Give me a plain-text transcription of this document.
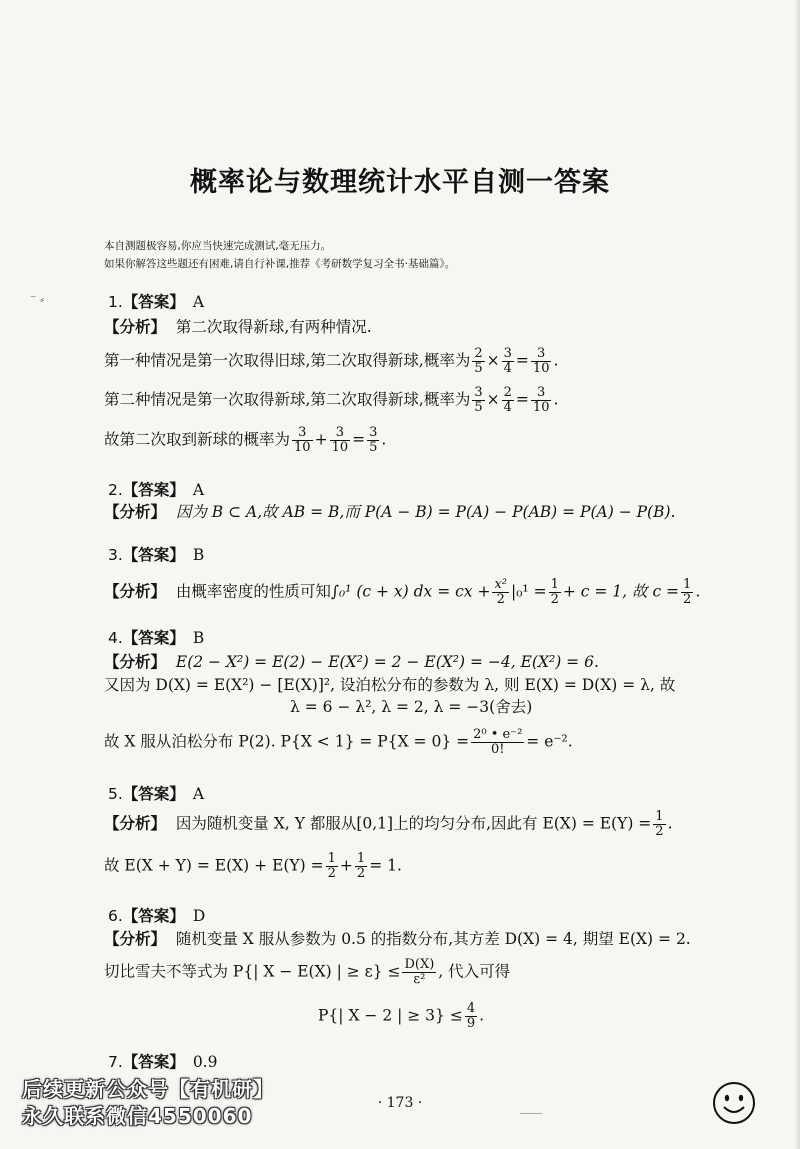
概率论与数理统计水平自测一答案
本自测题极容易,你应当快速完成测试,毫无压力。
如果你解答这些题还有困难,请自行补课,推荐《考研数学复习全书·基础篇》。
⁻ ⸗	1.【答案】 A
【分析】 第二次取得新球,有两种情况.
第一种情况是第一次取得旧球,第二次取得新球,概率为 $\frac{2}{5} \times \frac{3}{4} = \frac{3}{10}$ .
第二种情况是第一次取得新球,第二次取得新球,概率为 $\frac{3}{5} \times \frac{2}{4} = \frac{3}{10}$ .
故第二次取到新球的概率为 $\frac{3}{10} + \frac{3}{10} = \frac{3}{5}$ .
2.【答案】 A
【分析】 因为 B ⊂ A,故 AB = B,而 P(A − B) = P(A) − P(AB) = P(A) − P(B).
3.【答案】 B
【分析】 由概率密度的性质可知∫₀¹ (c + x) dx = cx + $\frac{\text{x²}}{2} |_0^1 = \frac{1}{2} + c = 1$, 故 $c = \frac{1}{2}$ .
4.【答案】 B
【分析】 E(2 − X²) = E(2) − E(X²) = 2 − E(X²) = −4, E(X²) = 6.
又因为 D(X) = E(X²) − [E(X)]², 设泊松分布的参数为 λ, 则 E(X) = D(X) = λ, 故
λ = 6 − λ², λ = 2, λ = −3(舍去)
故 X 服从泊松分布 P(2). $P\{X < 1\} = P\{X = 0\} = \frac{\text{2⁰ • e⁻²}}{0!} = e^{-2}$.
5.【答案】 A
【分析】 因为随机变量 X, Y 都服从[0,1]上的均匀分布,因此有 $E(X) = E(Y) = \frac{1}{2}$ .
故 $E(X + Y) = E(X) + E(Y) = \frac{1}{2} + \frac{1}{2} = 1$.
6.【答案】 D
【分析】 随机变量 X 服从参数为 0.5 的指数分布,其方差 D(X) = 4, 期望 E(X) = 2.
切比雪夫不等式为 P{| X − E(X) | ≥ $\varepsilon\} \le \frac{D(X)}{\text{ε²}}$ , 代入可得
P{| X − 2 | ≥ $3\} \le \frac{4}{9}$ .
7.【答案】 0.9
后续更新公众号【有机研】
永久联系微信4550060
· 173 ·
